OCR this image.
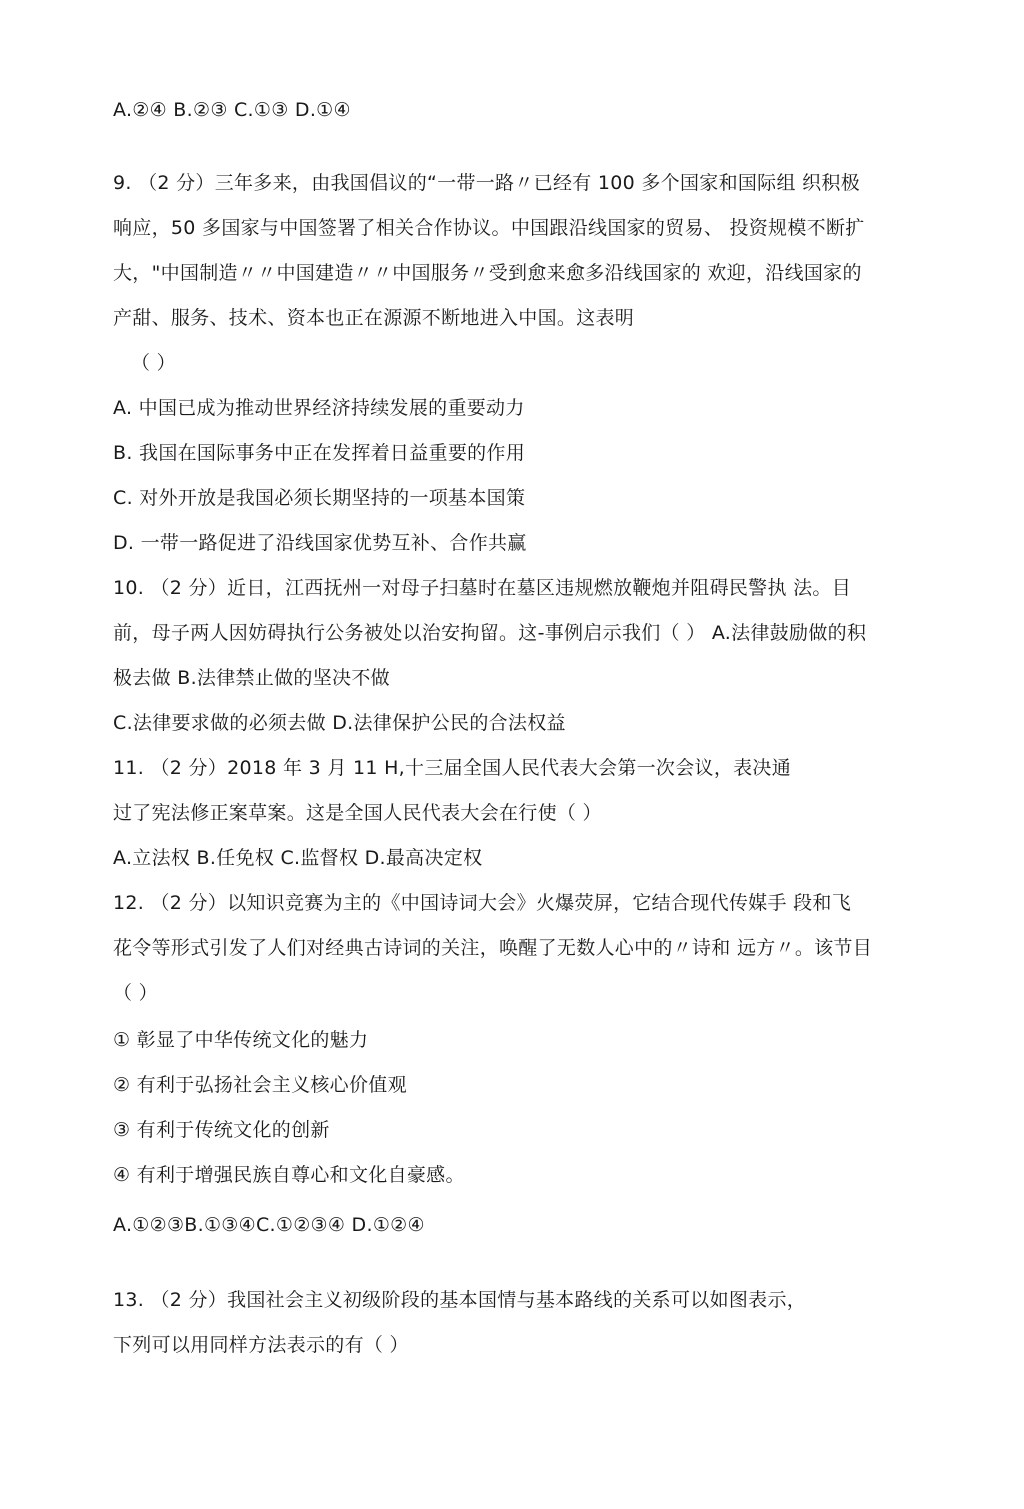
A.②④ B.②③ C.①③ D.①④
9. （2 分）三年多来，由我国倡议的“一带一路〃已经有 100 多个国家和国际组 织积极
响应，50 多国家与中国签署了相关合作协议。中国跟沿线国家的贸易、 投资规模不断扩
大，"中国制造〃〃中国建造〃〃中国服务〃受到愈来愈多沿线国家的 欢迎，沿线国家的
产甜、服务、技术、资本也正在源源不断地进入中国。这表明
（ ）
A. 中国已成为推动世界经济持续发展的重要动力
B. 我国在国际事务中正在发挥着日益重要的作用
C. 对外开放是我国必须长期坚持的一项基本国策
D. 一带一路促进了沿线国家优势互补、合作共赢
10. （2 分）近日，江西抚州一对母子扫墓时在墓区违规燃放鞭炮并阻碍民警执 法。目
前，母子两人因妨碍执行公务被处以治安拘留。这-事例启示我们（ ） A.法律鼓励做的积
极去做 B.法律禁止做的坚决不做
C.法律要求做的必须去做 D.法律保护公民的合法权益
11. （2 分）2018 年 3 月 11 H,十三届全国人民代表大会第一次会议，表决通
过了宪法修正案草案。这是全国人民代表大会在行使（ ）
A.立法权 B.任免权 C.监督权 D.最高决定权
12. （2 分）以知识竞赛为主的《中国诗词大会》火爆荧屏，它结合现代传媒手 段和飞
花令等形式引发了人们对经典古诗词的关注，唤醒了无数人心中的〃诗和 远方〃。该节目
（ ）
① 彰显了中华传统文化的魅力
② 有利于弘扬社会主义核心价值观
③ 有利于传统文化的创新
④ 有利于增强民族自尊心和文化自豪感。
A.①②③B.①③④C.①②③④ D.①②④
13. （2 分）我国社会主义初级阶段的基本国情与基本路线的关系可以如图表示，
下列可以用同样方法表示的有（ ）
